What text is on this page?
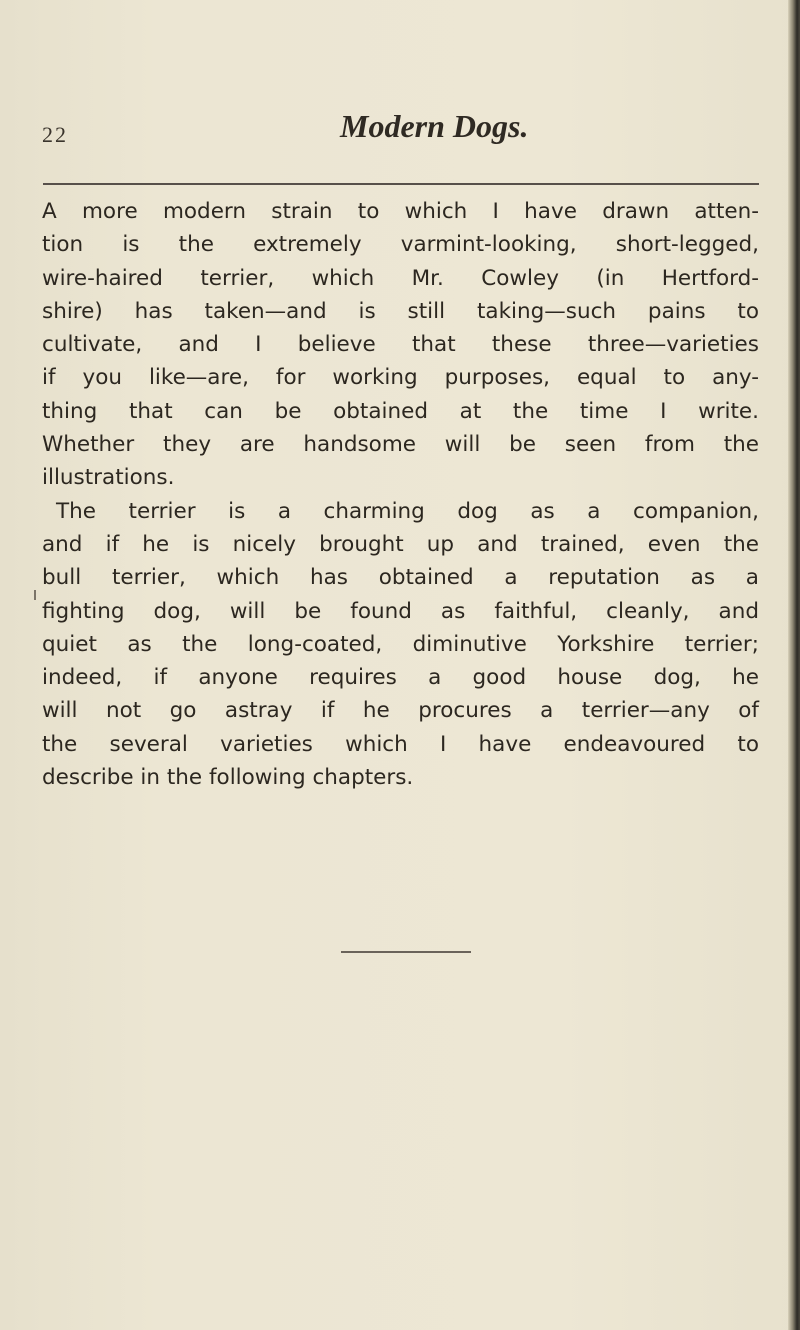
22	Modern Dogs.
A more modern strain to which I have drawn atten-
tion is the extremely varmint-looking, short-legged,
wire-haired terrier, which Mr. Cowley (in Hertford-
shire) has taken—and is still taking—such pains to
cultivate, and I believe that these three—varieties
if you like—are, for working purposes, equal to any-
thing that can be obtained at the time I write.
Whether they are handsome will be seen from the
illustrations.
The terrier is a charming dog as a companion,
and if he is nicely brought up and trained, even the
bull terrier, which has obtained a reputation as a
fighting dog, will be found as faithful, cleanly, and
quiet as the long-coated, diminutive Yorkshire terrier;
indeed, if anyone requires a good house dog, he
will not go astray if he procures a terrier—any of
the several varieties which I have endeavoured to
describe in the following chapters.
